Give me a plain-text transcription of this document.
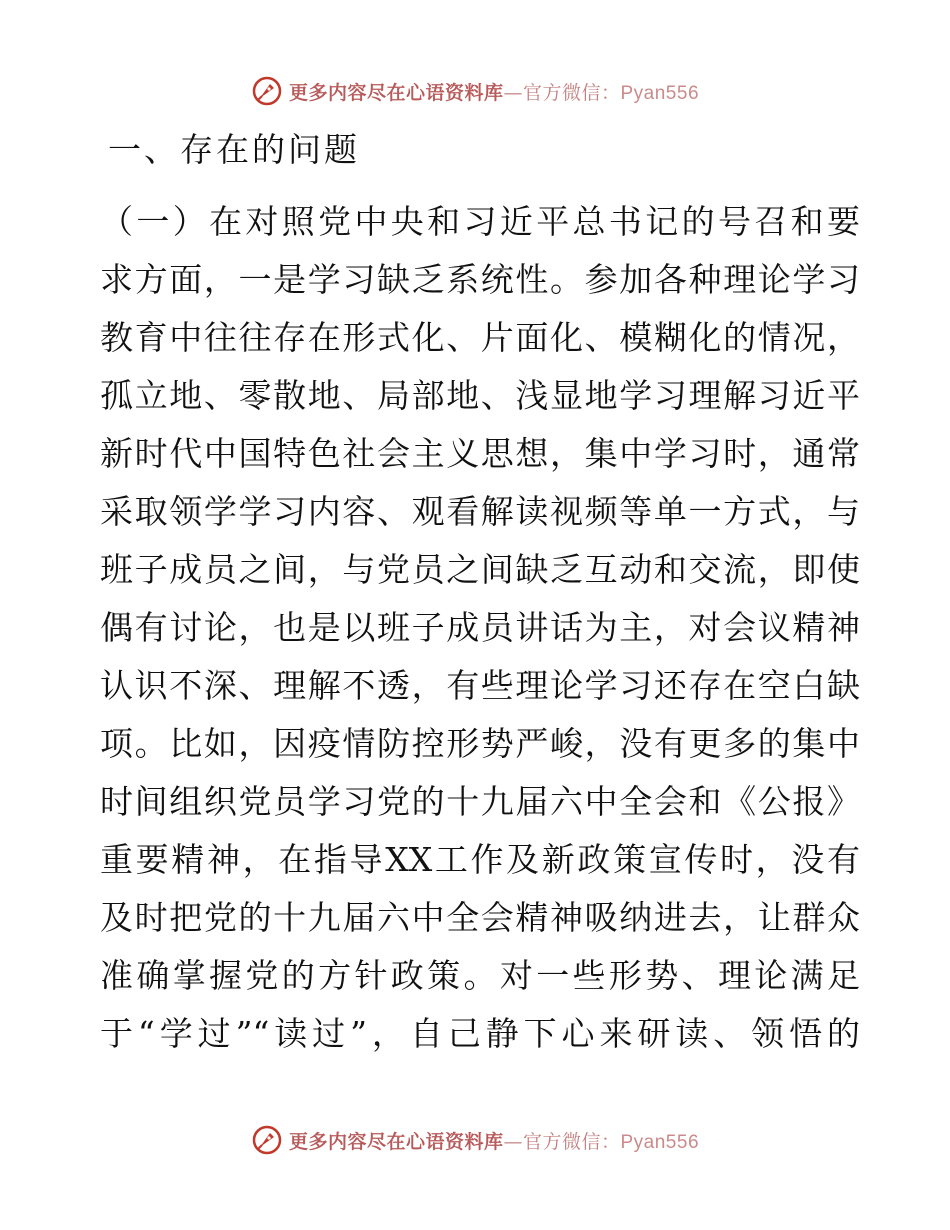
更多内容尽在心语资料库—官方微信：Pyan556
一、存在的问题
（一）在对照党中央和习近平总书记的号召和要
求方面，一是学习缺乏系统性。参加各种理论学习
教育中往往存在形式化、片面化、模糊化的情况，
孤立地、零散地、局部地、浅显地学习理解习近平
新时代中国特色社会主义思想，集中学习时，通常
采取领学学习内容、观看解读视频等单一方式，与
班子成员之间，与党员之间缺乏互动和交流，即使
偶有讨论，也是以班子成员讲话为主，对会议精神
认识不深、理解不透，有些理论学习还存在空白缺
项。比如，因疫情防控形势严峻，没有更多的集中
时间组织党员学习党的十九届六中全会和《公报》
重要精神，在指导XX工作及新政策宣传时，没有
及时把党的十九届六中全会精神吸纳进去，让群众
准确掌握党的方针政策。对一些形势、理论满足
于“学过”“读过”，自己静下心来研读、领悟的
更多内容尽在心语资料库—官方微信：Pyan556
